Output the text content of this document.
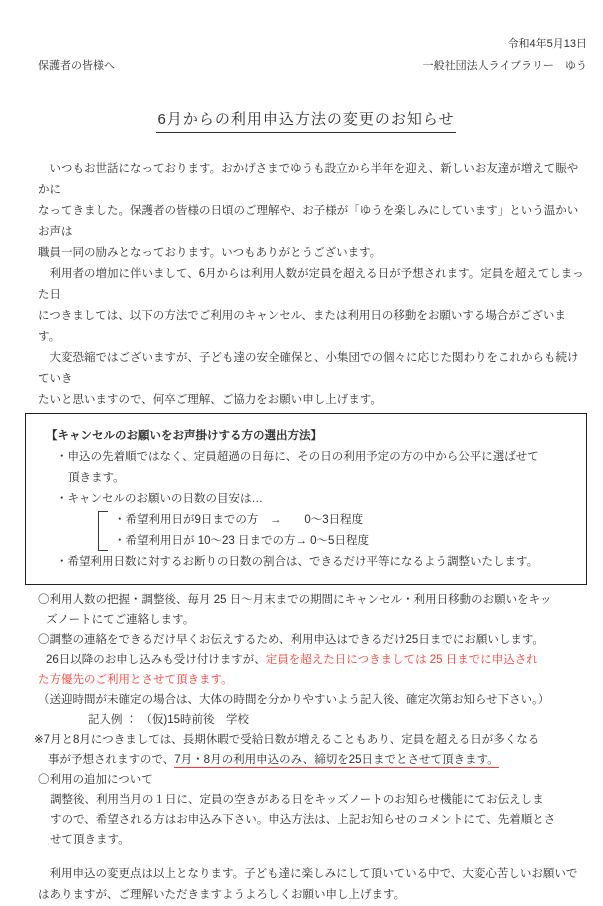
令和4年5月13日
保護者の皆様へ	一般社団法人ライブラリー　ゆう
6月からの利用申込方法の変更のお知らせ
　いつもお世話になっております。おかげさまでゆうも設立から半年を迎え、新しいお友達が増えて賑やかに
なってきました。保護者の皆様の日頃のご理解や、お子様が「ゆうを楽しみにしています」という温かいお声は
職員一同の励みとなっております。いつもありがとうございます。
　利用者の増加に伴いまして、6月からは利用人数が定員を超える日が予想されます。定員を超えてしまった日
につきましては、以下の方法でご利用のキャンセル、または利用日の移動をお願いする場合がございます。
　大変恐縮ではございますが、子ども達の安全確保と、小集団での個々に応じた関わりをこれからも続けていき
たいと思いますので、何卒ご理解、ご協力をお願い申し上げます。
【キャンセルのお願いをお声掛けする方の選出方法】
・申込の先着順ではなく、定員超過の日毎に、その日の利用予定の方の中から公平に選ばせて
頂きます。
・キャンセルのお願いの日数の目安は…
・希望利用日が9日までの方　→　　0～3日程度
・希望利用日が 10～23 日までの方→ 0～5日程度
・希望利用日数に対するお断りの日数の割合は、できるだけ平等になるよう調整いたします。
〇利用人数の把握・調整後、毎月 25 日～月末までの期間にキャンセル・利用日移動のお願いをキッ
ズノートにてご連絡します。
〇調整の連絡をできるだけ早くお伝えするため、利用申込はできるだけ25日までにお願いします。
26日以降のお申し込みも受け付けますが、定員を超えた日につきましては 25 日までに申込され
た方優先のご利用とさせて頂きます。
（送迎時間が未確定の場合は、大体の時間を分かりやすいよう記入後、確定次第お知らせ下さい。）
記入例 ： （仮)15時前後　学校
※7月と8月につきましては、長期休暇で受給日数が増えることもあり、定員を超える日が多くなる
事が予想されますので、7月・8月の利用申込のみ、締切を25日までとさせて頂きます。
〇利用の追加について
調整後、利用当月の１日に、定員の空きがある日をキッズノートのお知らせ機能にてお伝えしま
すので、希望される方はお申込み下さい。申込方法は、上記お知らせのコメントにて、先着順とさ
せて頂きます。
　利用申込の変更点は以上となります。子ども達に楽しみにして頂いている中で、大変心苦しいお願いで
はありますが、ご理解いただきますようよろしくお願い申し上げます。
